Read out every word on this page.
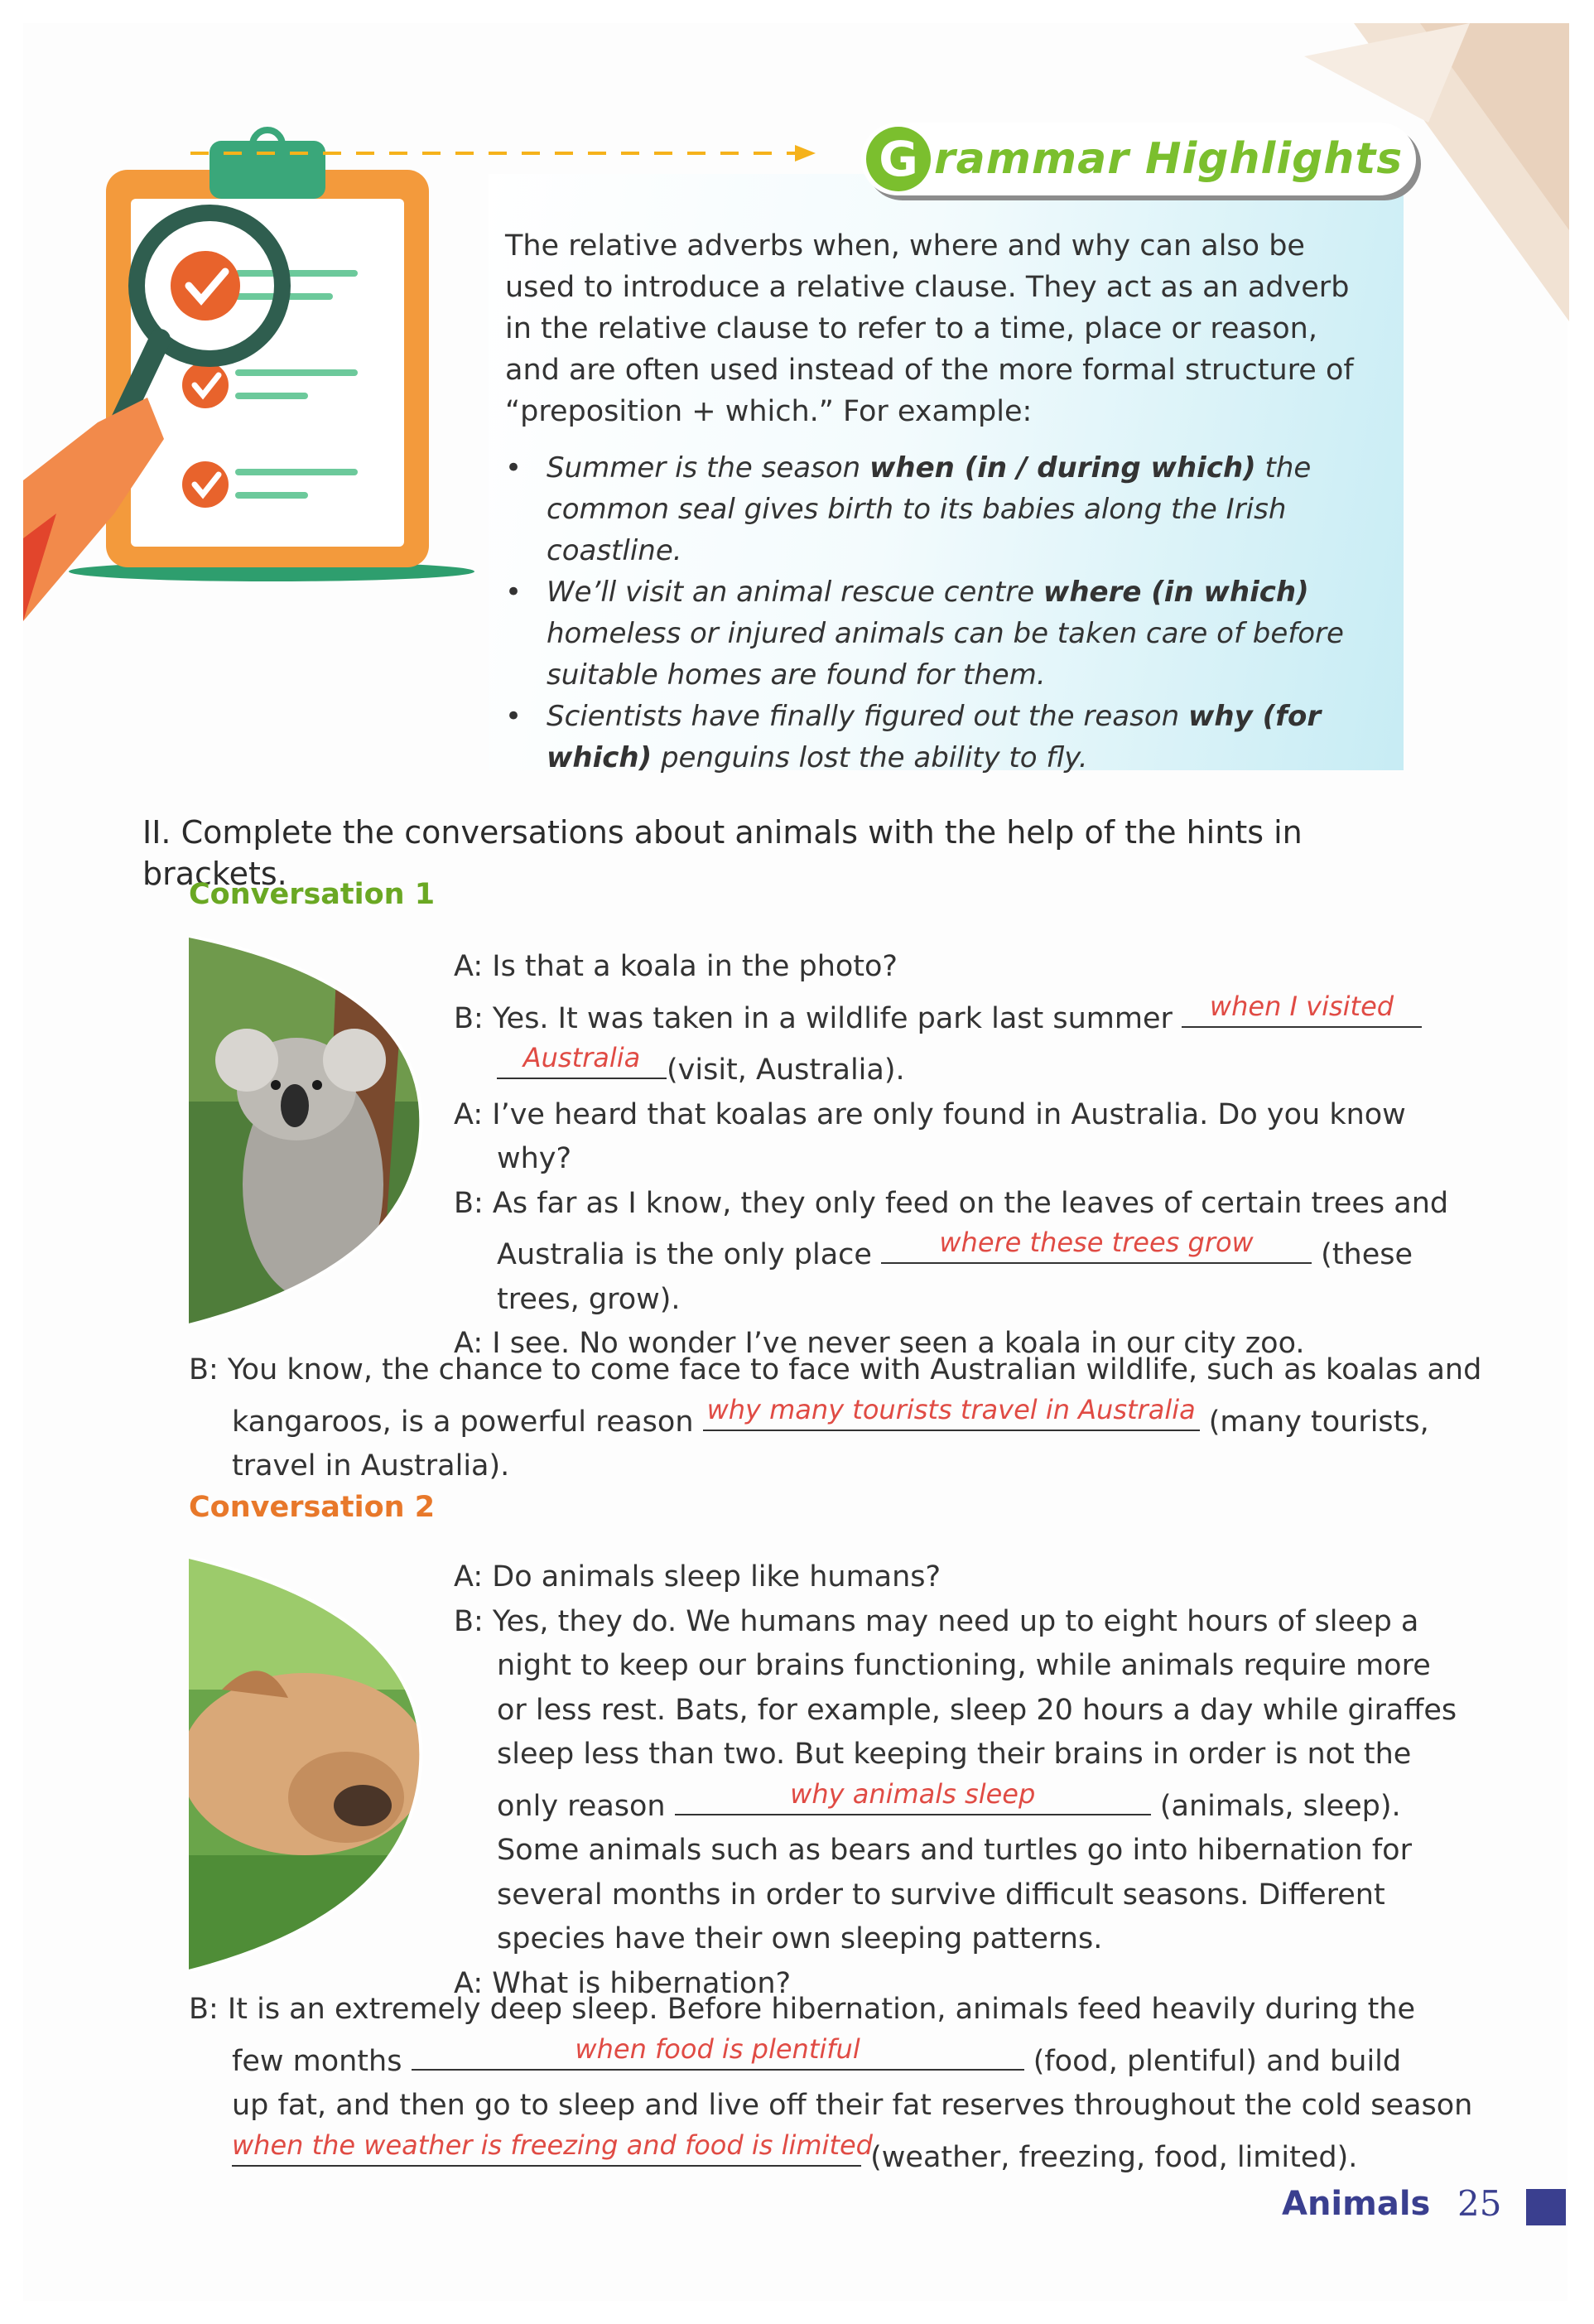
G rammar Highlights
The relative adverbs when, where and why can also be used to introduce a relative clause. They act as an adverb in the relative clause to refer to a time, place or reason, and are often used instead of the more formal structure of “preposition + which.” For example:
• Summer is the season when (in / during which) the common seal gives birth to its babies along the Irish coastline.
• We’ll visit an animal rescue centre where (in which) homeless or injured animals can be taken care of before suitable homes are found for them.
• Scientists have finally figured out the reason why (for which) penguins lost the ability to fly.
II. Complete the conversations about animals with the help of the hints in brackets.
Conversation 1
A: Is that a koala in the photo?
B: Yes. It was taken in a wildlife park last summer	when I visited
Australia (visit, Australia).
A: I’ve heard that koalas are only found in Australia. Do you know
why?
B: As far as I know, they only feed on the leaves of certain trees and
Australia is the only place	where these trees grow	(these
trees, grow).
A: I see. No wonder I’ve never seen a koala in our city zoo.
B: You know, the chance to come face to face with Australian wildlife, such as koalas and
kangaroos, is a powerful reason why many tourists travel in Australia (many tourists,
travel in Australia).
Conversation 2
A: Do animals sleep like humans?
B: Yes, they do. We humans may need up to eight hours of sleep a
night to keep our brains functioning, while animals require more
or less rest. Bats, for example, sleep 20 hours a day while giraffes
sleep less than two. But keeping their brains in order is not the
only reason	why animals sleep	(animals, sleep).
Some animals such as bears and turtles go into hibernation for
several months in order to survive difficult seasons. Different
species have their own sleeping patterns.
A: What is hibernation?
B: It is an extremely deep sleep. Before hibernation, animals feed heavily during the
few months	when food is plentiful	(food, plentiful) and build
up fat, and then go to sleep and live off their fat reserves throughout the cold season
when the weather is freezing and food is limited
(weather, freezing, food, limited).
Animals 25
